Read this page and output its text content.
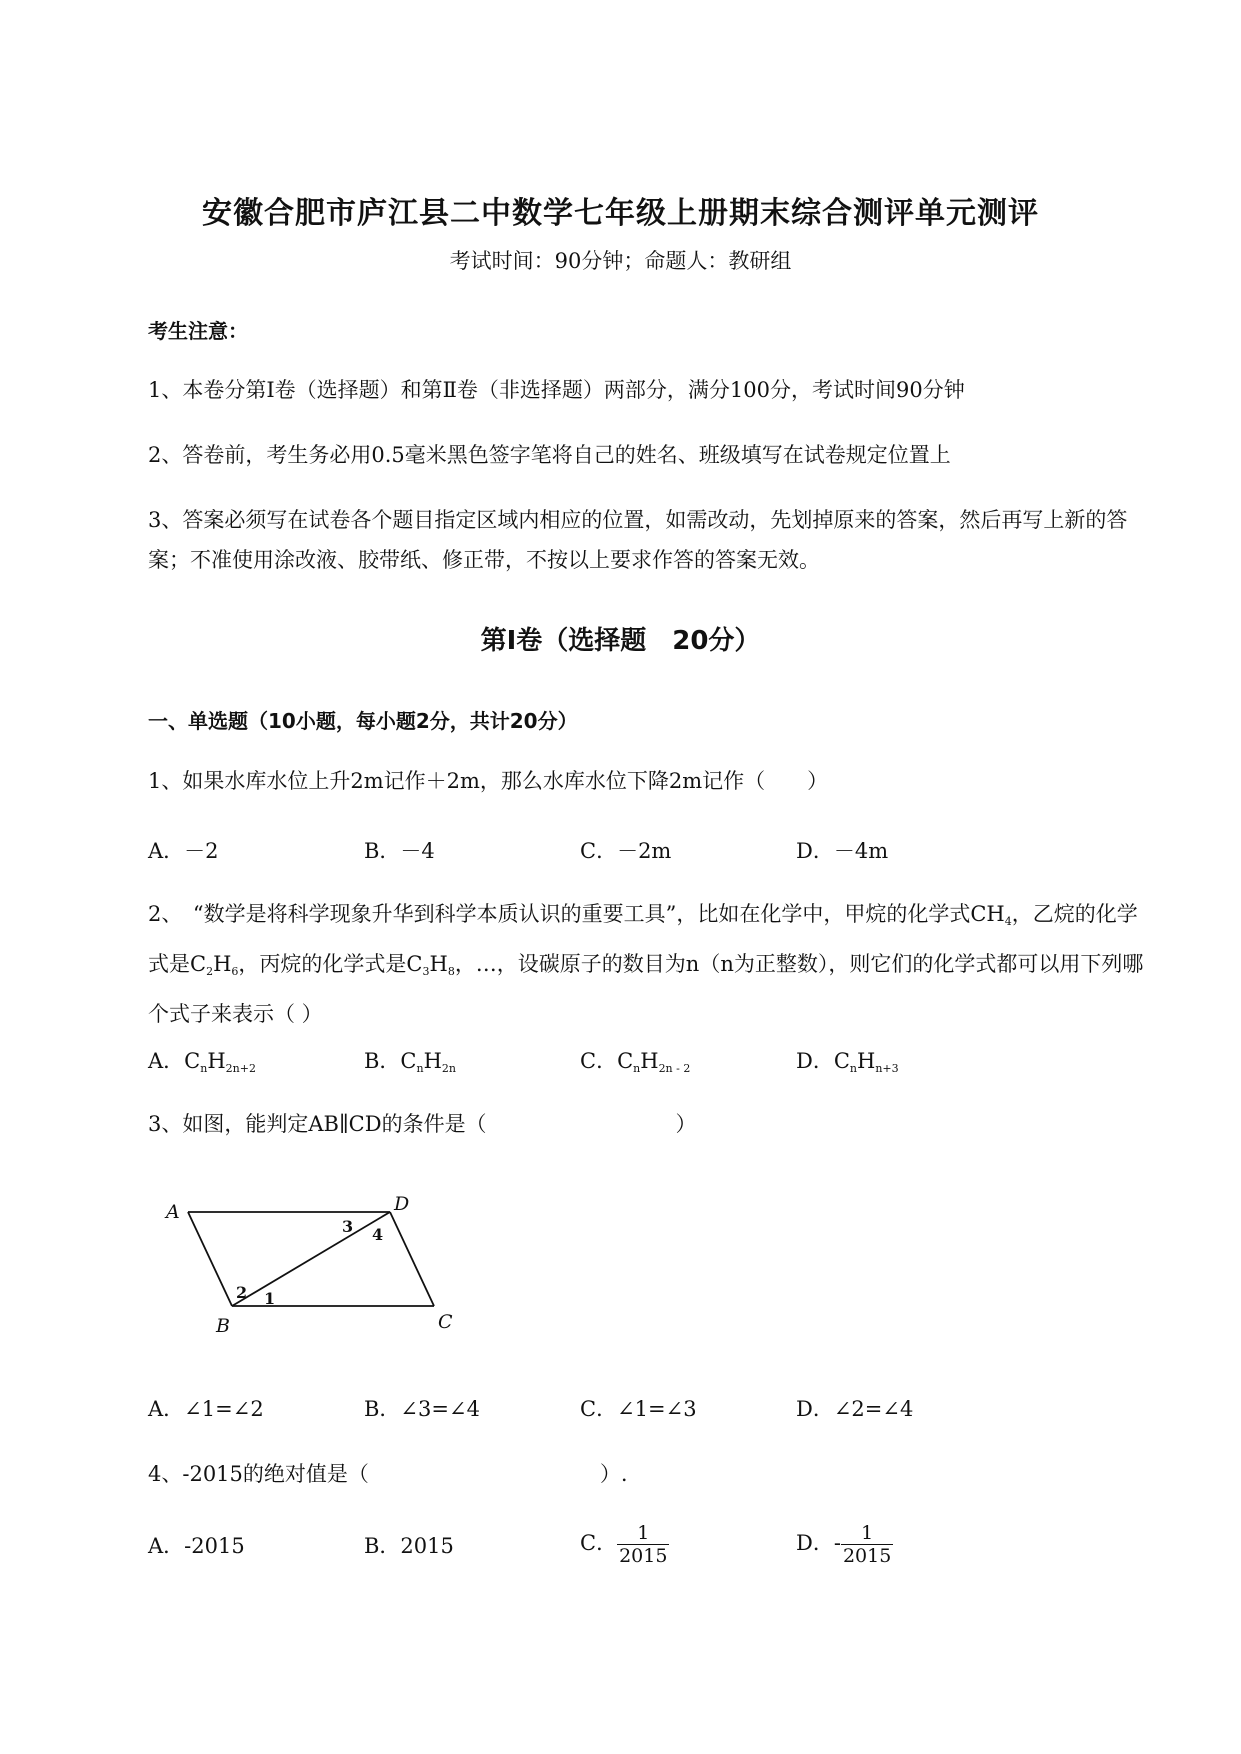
安徽合肥市庐江县二中数学七年级上册期末综合测评单元测评
考试时间：90分钟；命题人：教研组
考生注意：
1、本卷分第I卷（选择题）和第Ⅱ卷（非选择题）两部分，满分100分，考试时间90分钟
2、答卷前，考生务必用0.5毫米黑色签字笔将自己的姓名、班级填写在试卷规定位置上
3、答案必须写在试卷各个题目指定区域内相应的位置，如需改动，先划掉原来的答案，然后再写上新的答案；不准使用涂改液、胶带纸、修正带，不按以上要求作答的答案无效。
第I卷（选择题　20分）
一、单选题（10小题，每小题2分，共计20分）
1、如果水库水位上升2m记作＋2m，那么水库水位下降2m记作（　　）
A．－2	B．－4	C．－2m	D．－4m
2、　“数学是将科学现象升华到科学本质认识的重要工具”，比如在化学中，甲烷的化学式$CH_4$，乙烷的化学式是$C_2H_6$，丙烷的化学式是$C_3H_8$，…，设碳原子的数目为n（n为正整数），则它们的化学式都可以用下列哪个式子来表示（ ）
A．$C_nH_{2n+2}$	B．$C_nH_{2n}$	C．$C_nH_{2n - 2}$	D．$C_nH_{n+3}$
3、如图，能判定AB∥CD的条件是（　　　　　　　　　）
A
B	C
D
1
2
3 4
A．∠1=∠2	B．∠3=∠4	C．∠1=∠3	D．∠2=∠4
4、-2015的绝对值是（　　　　　　　　　　　）.
A．-2015	B．2015	C． $\frac{1}{2015}$	D．- $\frac{1}{2015}$
